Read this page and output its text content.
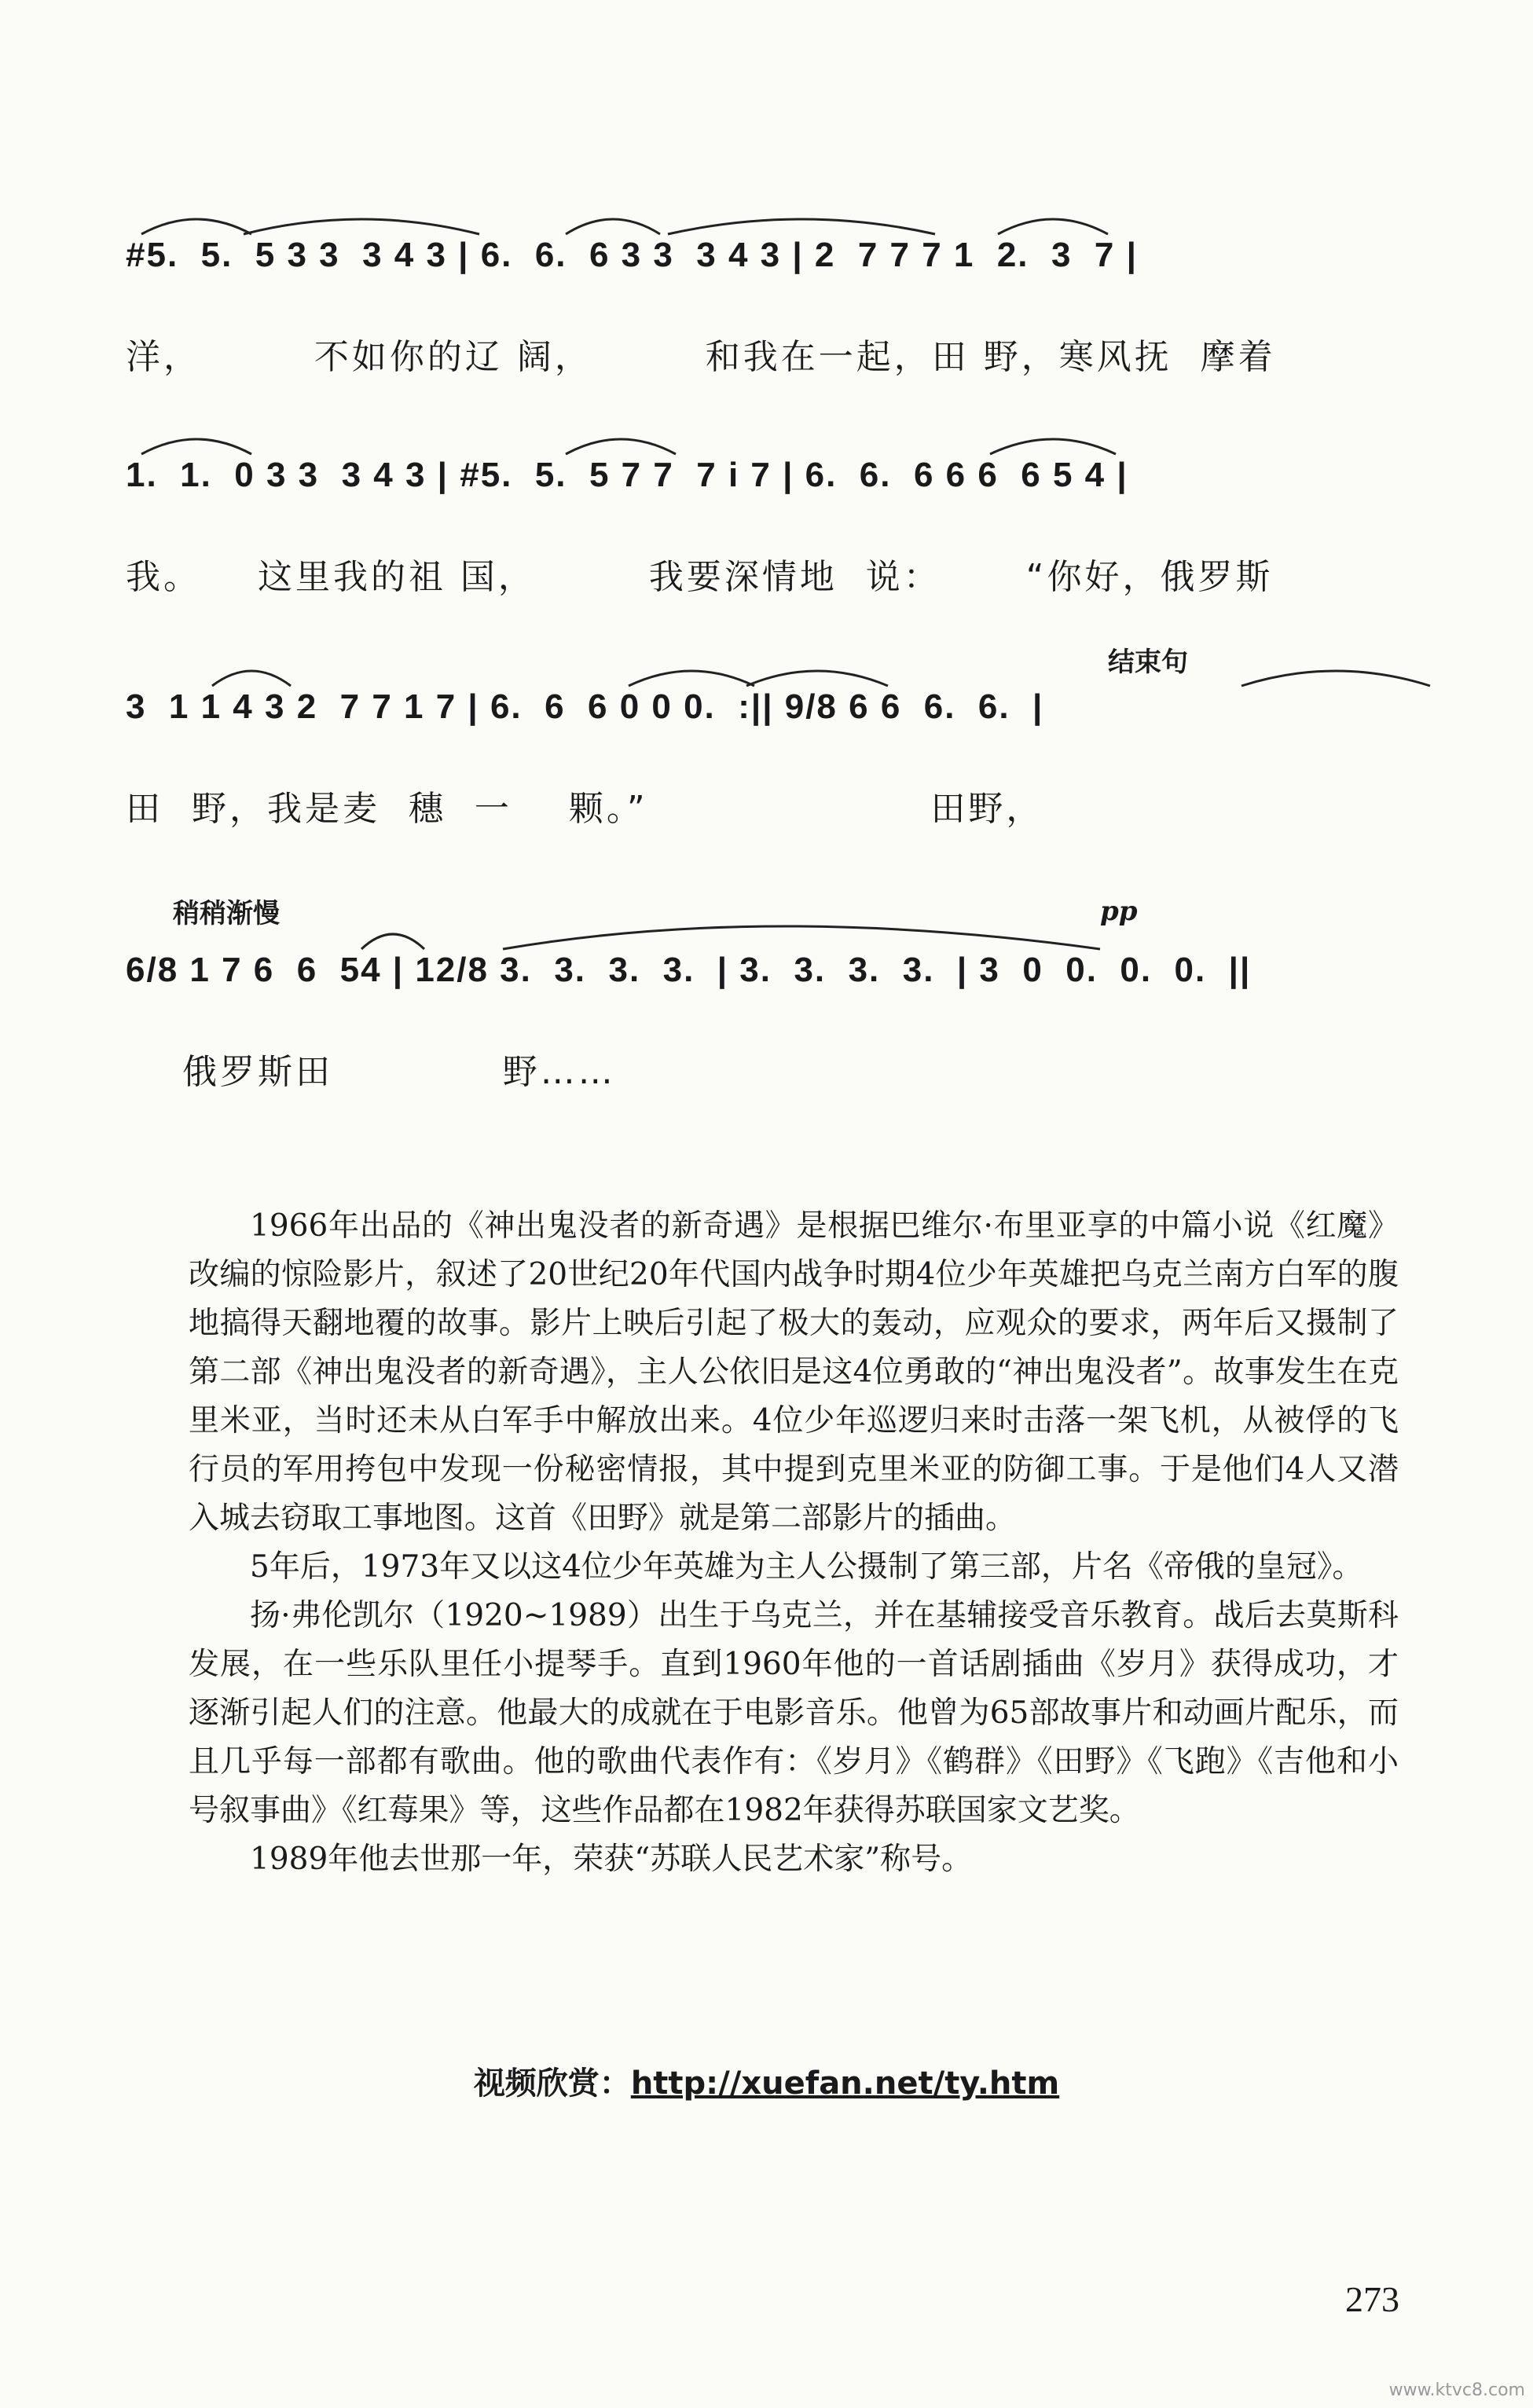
#5.  5.  5 3 3  3 4 3 | 6.  6.  6 3 3  3 4 3 | 2  7 7 7 1  2.  3  7 |
洋，        不如你的辽 阔，        和我在一起，田 野，寒风抚  摩着
1.  1.  0 3 3  3 4 3 | #5.  5.  5 7 7  7 i 7 | 6.  6.  6 6 6  6 5 4 |
我。    这里我的祖 国，        我要深情地  说：      “你好，俄罗斯
结束句
3  1 1 4 3 2  7 7 1 7 | 6.  6  6 0 0 0.  :|| 9/8 6 6  6.  6.  |
田  野，我是麦  穗  一    颗。”                    田野，
稍稍渐慢	pp
6/8 1 7 6  6  54 | 12/8 3.  3.  3.  3.  | 3.  3.  3.  3.  | 3  0  0.  0.  0.  ||
俄罗斯田            野……

1966年出品的《神出鬼没者的新奇遇》是根据巴维尔·布里亚享的中篇小说《红魔》改编的惊险影片，叙述了20世纪20年代国内战争时期4位少年英雄把乌克兰南方白军的腹地搞得天翻地覆的故事。影片上映后引起了极大的轰动，应观众的要求，两年后又摄制了第二部《神出鬼没者的新奇遇》，主人公依旧是这4位勇敢的“神出鬼没者”。故事发生在克里米亚，当时还未从白军手中解放出来。4位少年巡逻归来时击落一架飞机，从被俘的飞行员的军用挎包中发现一份秘密情报，其中提到克里米亚的防御工事。于是他们4人又潜入城去窃取工事地图。这首《田野》就是第二部影片的插曲。

5年后，1973年又以这4位少年英雄为主人公摄制了第三部，片名《帝俄的皇冠》。

扬·弗伦凯尔（1920~1989）出生于乌克兰，并在基辅接受音乐教育。战后去莫斯科发展，在一些乐队里任小提琴手。直到1960年他的一首话剧插曲《岁月》获得成功，才逐渐引起人们的注意。他最大的成就在于电影音乐。他曾为65部故事片和动画片配乐，而且几乎每一部都有歌曲。他的歌曲代表作有：《岁月》《鹤群》《田野》《飞跑》《吉他和小号叙事曲》《红莓果》等，这些作品都在1982年获得苏联国家文艺奖。

1989年他去世那一年，荣获“苏联人民艺术家”称号。

视频欣赏：http://xuefan.net/ty.htm
273
www.ktvc8.com
